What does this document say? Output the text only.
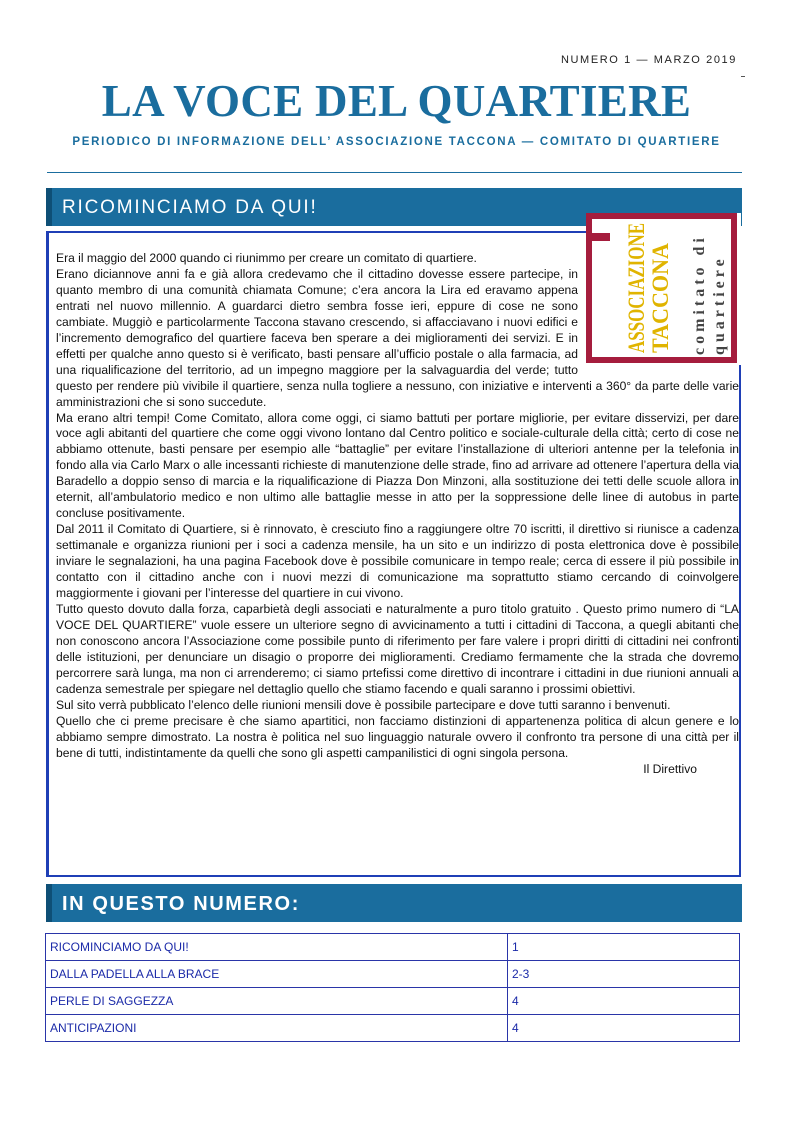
NUMERO 1 — MARZO 2019
LA VOCE DEL QUARTIERE
PERIODICO DI INFORMAZIONE DELL’ ASSOCIAZIONE TACCONA — COMITATO DI QUARTIERE
RICOMINCIAMO DA QUI!	ASSOCIAZIONE TACCONA comitato di quartiere

Era il maggio del 2000 quando ci riunimmo per creare un comitato di quartiere.

Erano diciannove anni fa e già allora credevamo che il cittadino dovesse essere partecipe, in quanto membro di una comunità chiamata Comune; c’era ancora la Lira ed eravamo appena entrati nel nuovo millennio. A guardarci dietro sembra fosse ieri, eppure di cose ne sono cambiate. Muggiò e particolarmente Taccona stavano crescendo, si affacciavano i nuovi edifici e l’incremento demografico del quartiere faceva ben sperare a dei miglioramenti dei servizi. E in effetti per qualche anno questo si è verificato, basti pensare all’ufficio postale o alla farmacia, ad una riqualificazione del territorio, ad un impegno maggiore per la salvaguardia del verde; tutto questo per rendere più vivibile il quartiere, senza nulla togliere a nessuno, con iniziative e interventi a 360° da parte delle varie amministrazioni che si sono succedute.

Ma erano altri tempi! Come Comitato, allora come oggi, ci siamo battuti per portare migliorie, per evitare disservizi, per dare voce agli abitanti del quartiere che come oggi vivono lontano dal Centro politico e sociale-culturale della città; certo di cose ne abbiamo ottenute, basti pensare per esempio alle “battaglie” per evitare l’installazione di ulteriori antenne per la telefonia in fondo alla via Carlo Marx o alle incessanti richieste di manutenzione delle strade, fino ad arrivare ad ottenere l’apertura della via Baradello a doppio senso di marcia e la riqualificazione di Piazza Don Minzoni, alla sostituzione dei tetti delle scuole allora in eternit, all’ambulatorio medico e non ultimo alle battaglie messe in atto per la soppressione delle linee di autobus in parte concluse positivamente.

Dal 2011 il Comitato di Quartiere, si è rinnovato, è cresciuto fino a raggiungere oltre 70 iscritti, il direttivo si riunisce a cadenza settimanale e organizza riunioni per i soci a cadenza mensile, ha un sito e un indirizzo di posta elettronica dove è possibile inviare le segnalazioni, ha una pagina Facebook dove è possibile comunicare in tempo reale; cerca di essere il più possibile in contatto con il cittadino anche con i nuovi mezzi di comunicazione ma soprattutto stiamo cercando di coinvolgere maggiormente i giovani per l’interesse del quartiere in cui vivono.

Tutto questo dovuto dalla forza, caparbietà degli associati e naturalmente a puro titolo gratuito . Questo primo numero di “LA VOCE DEL QUARTIERE” vuole essere un ulteriore segno di avvicinamento a tutti i cittadini di Taccona, a quegli abitanti che non conoscono ancora l’Associazione come possibile punto di riferimento per fare valere i propri diritti di cittadini nei confronti delle istituzioni, per denunciare un disagio o proporre dei miglioramenti. Crediamo fermamente che la strada che dovremo percorrere sarà lunga, ma non ci arrenderemo; ci siamo prtefissi come direttivo di incontrare i cittadini in due riunioni annuali a cadenza semestrale per spiegare nel dettaglio quello che stiamo facendo e quali saranno i prossimi obiettivi.

Sul sito verrà pubblicato l’elenco delle riunioni mensili dove è possibile partecipare e dove tutti saranno i benvenuti.

Quello che ci preme precisare è che siamo apartitici, non facciamo distinzioni di appartenenza politica di alcun genere e lo abbiamo sempre dimostrato. La nostra è politica nel suo linguaggio naturale ovvero il confronto tra persone di una città per il bene di tutti, indistintamente da quelli che sono gli aspetti campanilistici di ogni singola persona.

Il Direttivo

IN QUESTO NUMERO:
RICOMINCIAMO DA QUI!	1
DALLA PADELLA ALLA BRACE	2-3
PERLE DI SAGGEZZA	4
ANTICIPAZIONI	4
